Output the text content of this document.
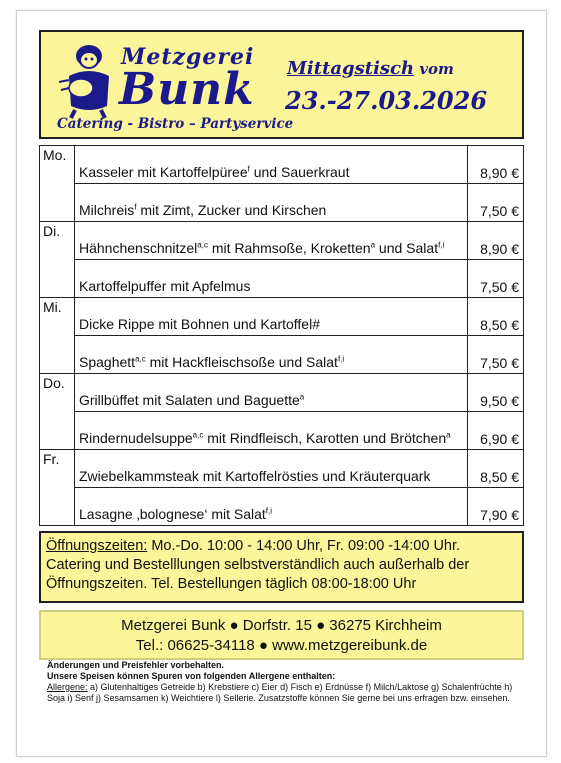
Metzgerei
Bunk
Catering - Bistro – Partyservice
Mittagstisch vom
23.-27.03.2026
Mo.	Kasseler mit Kartoffelpüree$^f$ und Sauerkraut	8,90 €
	Milchreis$^f$ mit Zimt, Zucker und Kirschen	7,50 €
Di.	Hähnchenschnitzel$^{a,c}$ mit Rahmsoße, Kroketten$^a$ und Salat$^{f,i}$	8,90 €
	Kartoffelpuffer mit Apfelmus	7,50 €
Mi.	Dicke Rippe mit Bohnen und Kartoffel#	8,50 €
	Spaghett$^{a,c}$ mit Hackfleischsoße und Salat$^{f,i}$	7,50 €
Do.	Grillbüffet mit Salaten und Baguette$^a$	9,50 €
	Rindernudelsuppe$^{a,c}$ mit Rindfleisch, Karotten und Brötchen$^a$	6,90 €
Fr.	Zwiebelkammsteak mit Kartoffelrösties und Kräuterquark	8,50 €
	Lasagne ‚bolognese‘ mit Salat$^{f,i}$	7,90 €
Öffnungszeiten: Mo.-Do. 10:00 - 14:00 Uhr, Fr. 09:00 -14:00 Uhr.
Catering und Bestelllungen selbstverständlich auch außerhalb der Öffnungszeiten. Tel. Bestellungen täglich 08:00-18:00 Uhr
Metzgerei Bunk ● Dorfstr. 15 ● 36275 Kirchheim
Tel.: 06625-34118 ● www.metzgereibunk.de
Änderungen und Preisfehler vorbehalten.
Unsere Speisen können Spuren von folgenden Allergene enthalten:
Allergene: a) Glutenhaltiges Getreide b) Krebstiere c) Eier d) Fisch e) Erdnüsse f) Milch/Laktose g) Schalenfrüchte h) Soja i) Senf j) Sesamsamen k) Weichtiere l) Sellerie. Zusatzstoffe können Sie gerne bei uns erfragen bzw. einsehen.
